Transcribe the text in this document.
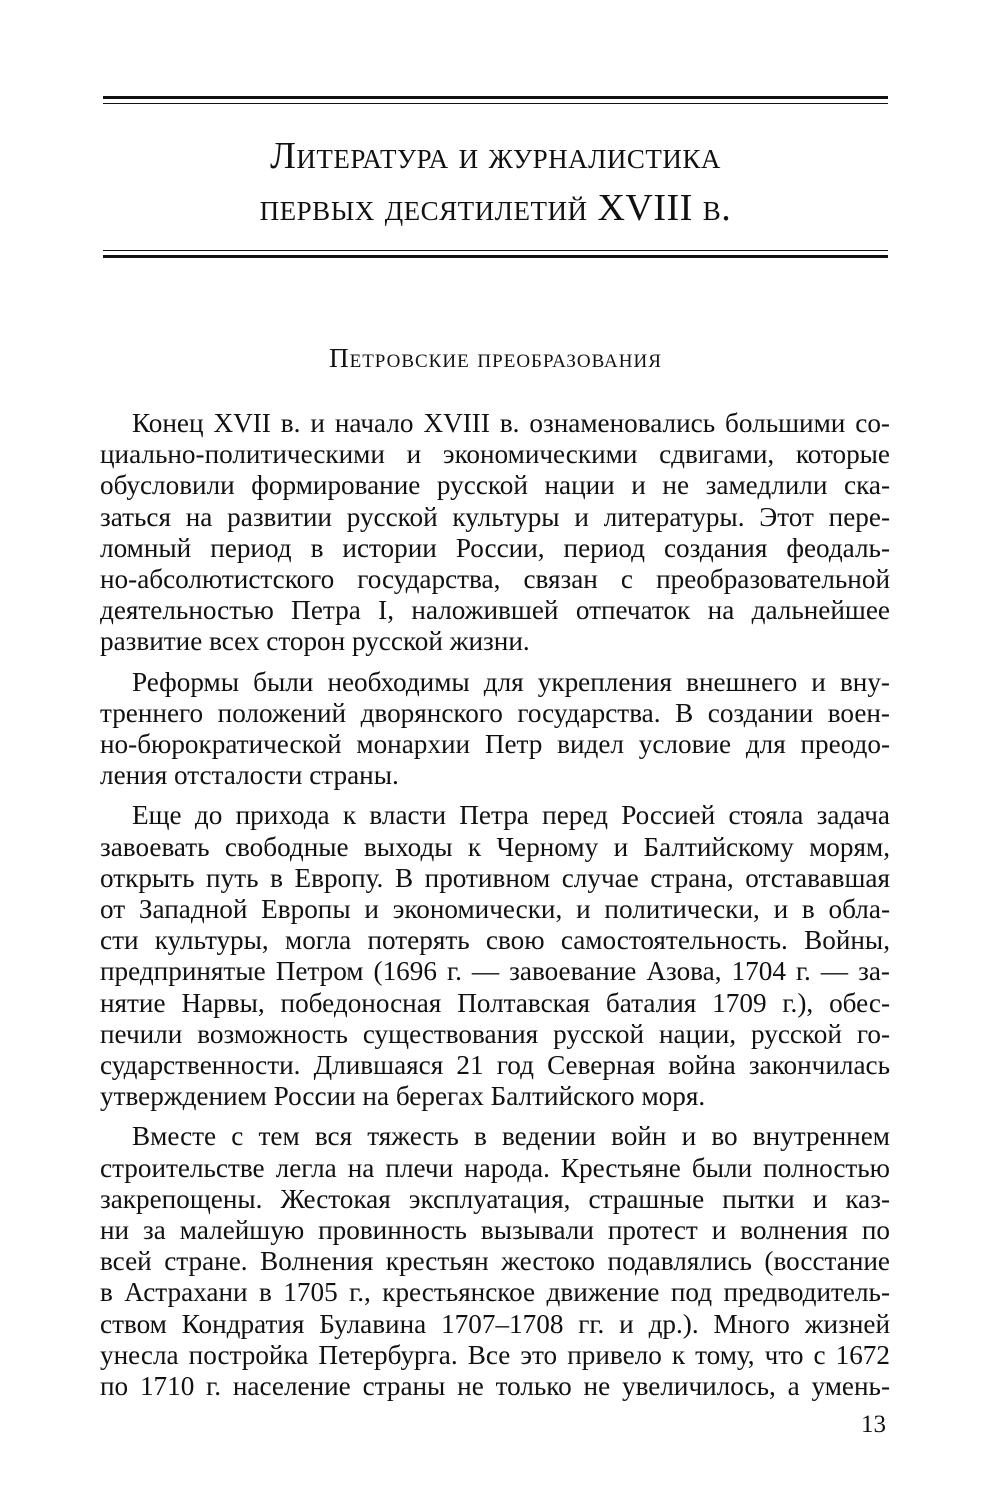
Литература и журналистика
первых десятилетий XVIII в.
Петровские преобразования

Конец XVII в. и начало XVIII в. ознаменовались большими со-
циально-политическими и экономическими сдвигами, которые
обусловили формирование русской нации и не замедлили ска-
заться на развитии русской культуры и литературы. Этот пере-
ломный период в истории России, период создания феодаль-
но-абсолютистского государства, связан с преобразовательной
деятельностью Петра I, наложившей отпечаток на дальнейшее
развитие всех сторон русской жизни.

Реформы были необходимы для укрепления внешнего и вну-
треннего положений дворянского государства. В создании воен-
но-бюрократической монархии Петр видел условие для преодо-
ления отсталости страны.

Еще до прихода к власти Петра перед Россией стояла задача
завоевать свободные выходы к Черному и Балтийскому морям,
открыть путь в Европу. В противном случае страна, отстававшая
от Западной Европы и экономически, и политически, и в обла-
сти культуры, могла потерять свою самостоятельность. Войны,
предпринятые Петром (1696 г. — завоевание Азова, 1704 г. — за-
нятие Нарвы, победоносная Полтавская баталия 1709 г.), обес-
печили возможность существования русской нации, русской го-
сударственности. Длившаяся 21 год Северная война закончилась
утверждением России на берегах Балтийского моря.

Вместе с тем вся тяжесть в ведении войн и во внутреннем
строительстве легла на плечи народа. Крестьяне были полностью
закрепощены. Жестокая эксплуатация, страшные пытки и каз-
ни за малейшую провинность вызывали протест и волнения по
всей стране. Волнения крестьян жестоко подавлялись (восстание
в Астрахани в 1705 г., крестьянское движение под предводитель-
ством Кондратия Булавина 1707–1708 гг. и др.). Много жизней
унесла постройка Петербурга. Все это привело к тому, что с 1672
по 1710 г. население страны не только не увеличилось, а умень-

13
